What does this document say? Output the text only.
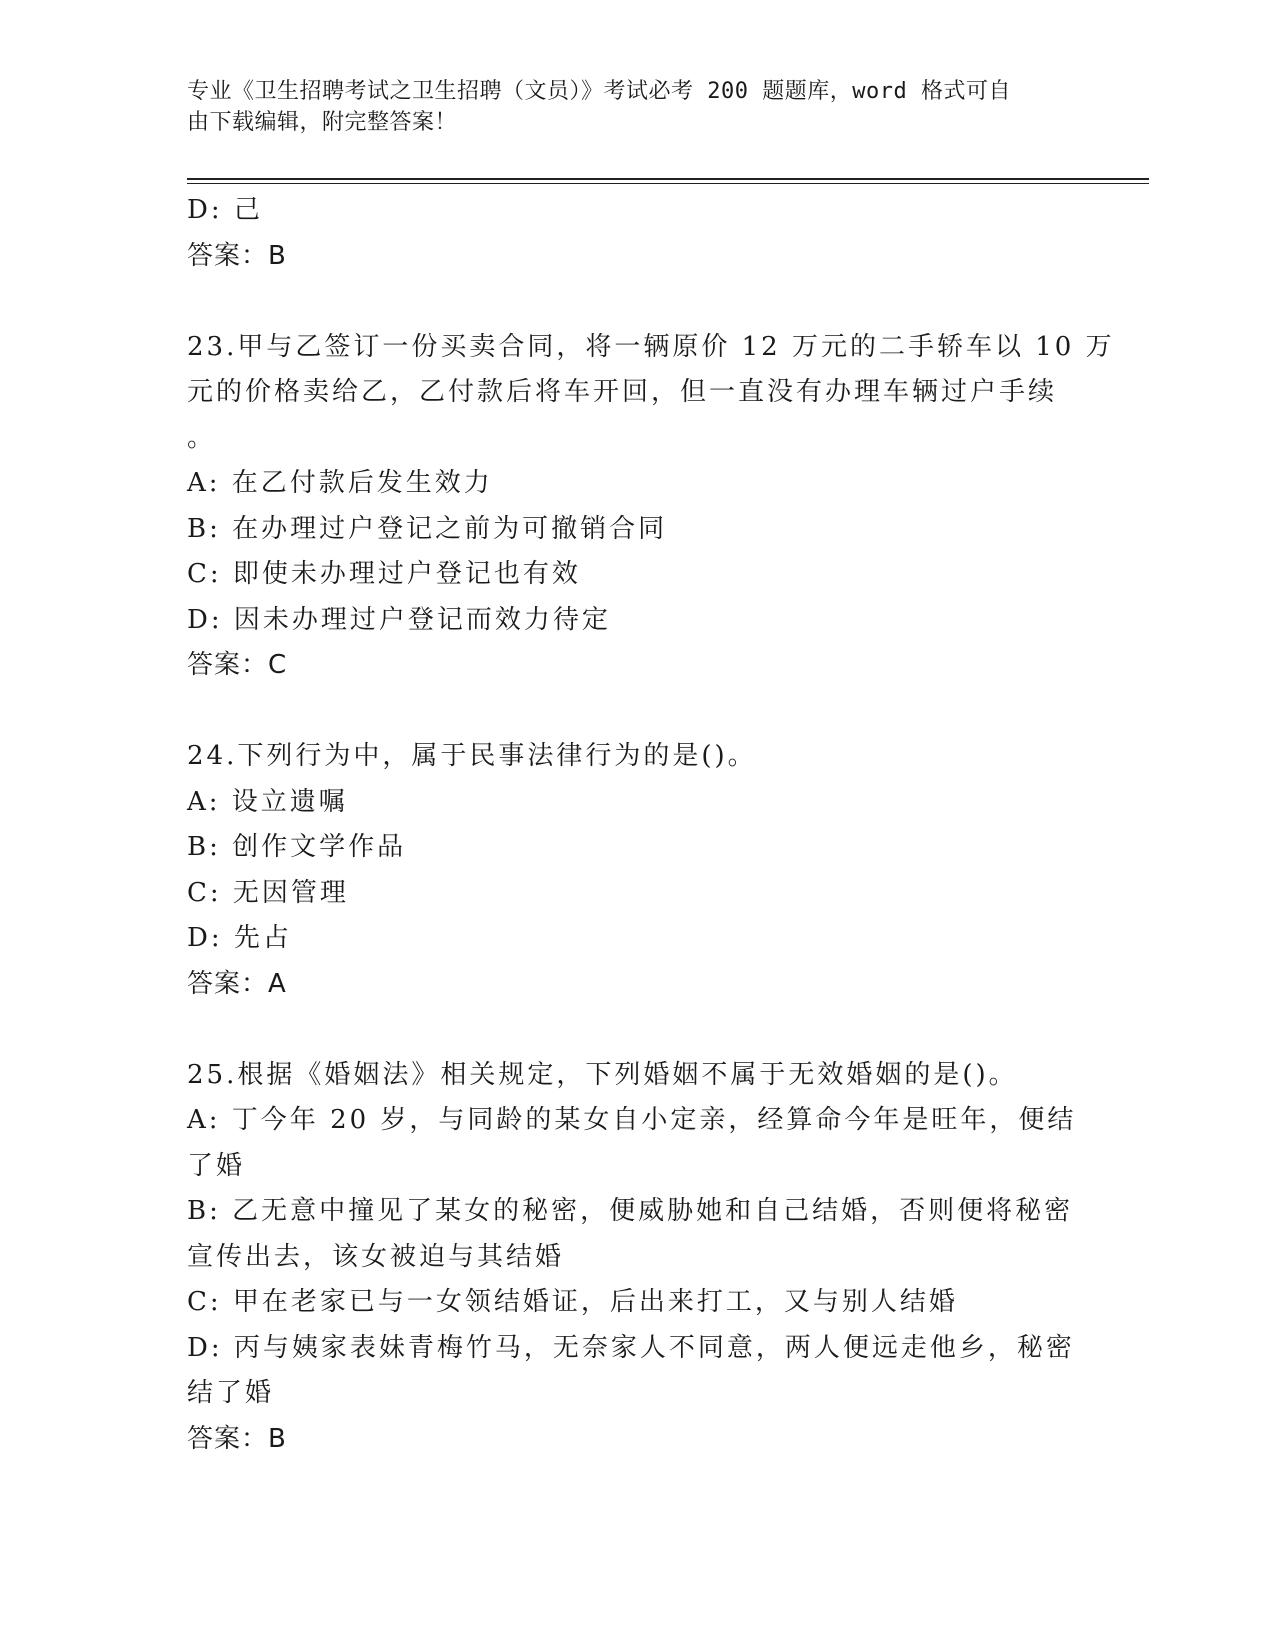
专业《卫生招聘考试之卫生招聘（文员）》考试必考 200 题题库，word 格式可自
由下载编辑，附完整答案！
D: 己
答案：B
23.甲与乙签订一份买卖合同，将一辆原价 12 万元的二手轿车以 10 万
元的价格卖给乙，乙付款后将车开回，但一直没有办理车辆过户手续
。
A: 在乙付款后发生效力
B: 在办理过户登记之前为可撤销合同
C: 即使未办理过户登记也有效
D: 因未办理过户登记而效力待定
答案：C
24.下列行为中，属于民事法律行为的是()。
A: 设立遗嘱
B: 创作文学作品
C: 无因管理
D: 先占
答案：A
25.根据《婚姻法》相关规定，下列婚姻不属于无效婚姻的是()。
A: 丁今年 20 岁，与同龄的某女自小定亲，经算命今年是旺年，便结
了婚
B: 乙无意中撞见了某女的秘密，便威胁她和自己结婚，否则便将秘密
宣传出去，该女被迫与其结婚
C: 甲在老家已与一女领结婚证，后出来打工，又与别人结婚
D: 丙与姨家表妹青梅竹马，无奈家人不同意，两人便远走他乡，秘密
结了婚
答案：B
